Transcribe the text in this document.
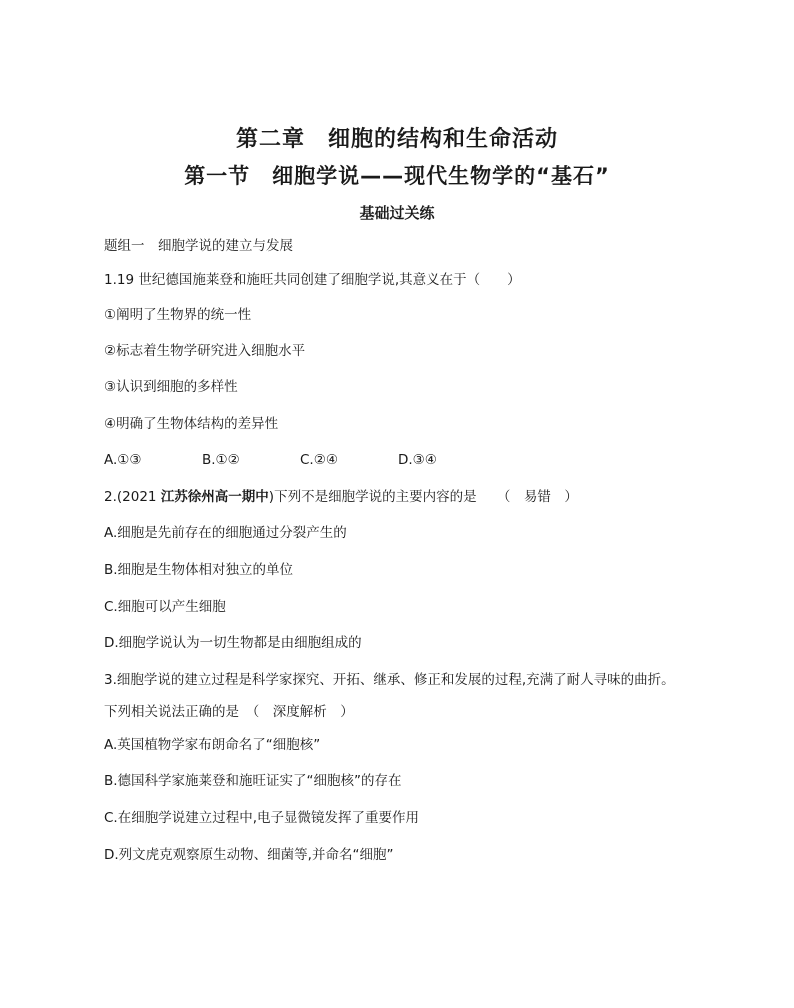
第二章　细胞的结构和生命活动
第一节　细胞学说——现代生物学的“基石”
基础过关练
题组一　细胞学说的建立与发展
1.19 世纪德国施莱登和施旺共同创建了细胞学说,其意义在于（　　）
①阐明了生物界的统一性
②标志着生物学研究进入细胞水平
③认识到细胞的多样性
④明确了生物体结构的差异性
A.①③	B.①②	C.②④	D.③④
2.(2021 江苏徐州高一期中)下列不是细胞学说的主要内容的是　　（　易错　）
A.细胞是先前存在的细胞通过分裂产生的
B.细胞是生物体相对独立的单位
C.细胞可以产生细胞
D.细胞学说认为一切生物都是由细胞组成的
3.细胞学说的建立过程是科学家探究、开拓、继承、修正和发展的过程,充满了耐人寻味的曲折。
下列相关说法正确的是　（　深度解析　）
A.英国植物学家布朗命名了“细胞核”
B.德国科学家施莱登和施旺证实了“细胞核”的存在
C.在细胞学说建立过程中,电子显微镜发挥了重要作用
D.列文虎克观察原生动物、细菌等,并命名“细胞”
